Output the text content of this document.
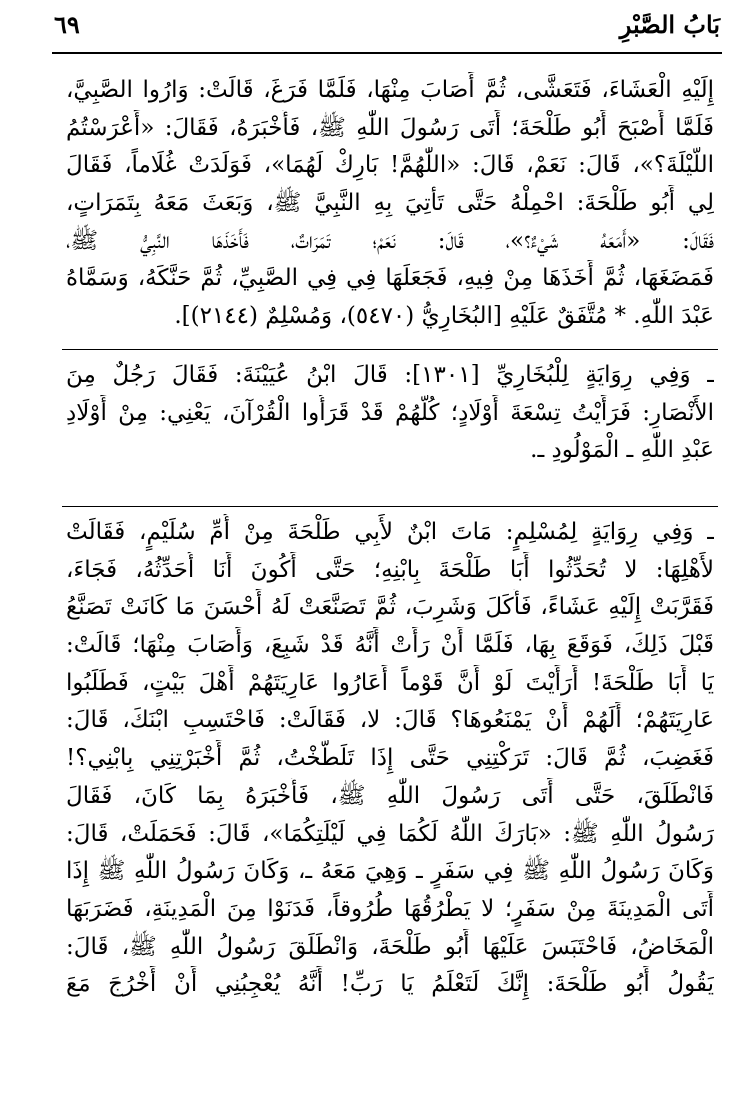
بَابُ الصَّبْرِ
٦٩
إِلَيْهِ الْعَشَاءَ، فَتَعَشَّى، ثُمَّ أَصَابَ مِنْهَا، فَلَمَّا فَرَغَ، قَالَتْ: وَارُوا الصَّبِيَّ،
فَلَمَّا أَصْبَحَ أَبُو طَلْحَةَ؛ أَتَى رَسُولَ اللّٰهِ ﷺ، فَأَخْبَرَهُ، فَقَالَ: «أَعْرَسْتُمُ
اللَّيْلَةَ؟»، قَالَ: نَعَمْ، قَالَ: «اللّٰهُمَّ! بَارِكْ لَهُمَا»، فَوَلَدَتْ غُلَاماً، فَقَالَ
لِي أَبُو طَلْحَةَ: احْمِلْهُ حَتَّى تَأْتِيَ بِهِ النَّبِيَّ ﷺ، وَبَعَثَ مَعَهُ بِتَمَرَاتٍ،
فَقَالَ: «أَمَعَهُ شَيْءٌ؟»، قَالَ: نَعَمْ؛ تَمَرَاتٌ، فَأَخَذَهَا النَّبِيُّ ﷺ،
فَمَضَغَهَا، ثُمَّ أَخَذَهَا مِنْ فِيهِ، فَجَعَلَهَا فِي فِي الصَّبِيِّ، ثُمَّ حَنَّكَهُ، وَسَمَّاهُ
عَبْدَ اللّٰهِ. * مُتَّفَقٌ عَلَيْهِ [البُخَارِيُّ (٥٤٧٠)، وَمُسْلِمٌ (٢١٤٤)].
ـ وَفِي رِوَايَةٍ لِلْبُخَارِيِّ [١٣٠١]: قَالَ ابْنُ عُيَيْنَةَ: فَقَالَ رَجُلٌ مِنَ
الأَنْصَارِ: فَرَأَيْتُ تِسْعَةَ أَوْلَادٍ؛ كُلُّهُمْ قَدْ قَرَأُوا الْقُرْآنَ، يَعْنِي: مِنْ أَوْلَادِ
عَبْدِ اللّٰهِ ـ الْمَوْلُودِ ـ.
ـ وَفِي رِوَايَةٍ لِمُسْلِمٍ: مَاتَ ابْنٌ لأَبِي طَلْحَةَ مِنْ أُمِّ سُلَيْمٍ، فَقَالَتْ
لأَهْلِهَا: لا تُحَدِّثُوا أَبَا طَلْحَةَ بِابْنِهِ؛ حَتَّى أَكُونَ أَنَا أُحَدِّثُهُ، فَجَاءَ،
فَقَرَّبَتْ إِلَيْهِ عَشَاءً، فَأَكَلَ وَشَرِبَ، ثُمَّ تَصَنَّعَتْ لَهُ أَحْسَنَ مَا كَانَتْ تَصَنَّعُ
قَبْلَ ذَلِكَ، فَوَقَعَ بِهَا، فَلَمَّا أَنْ رَأَتْ أَنَّهُ قَدْ شَبِعَ، وَأَصَابَ مِنْهَا؛ قَالَتْ:
يَا أَبَا طَلْحَةَ! أَرَأَيْتَ لَوْ أَنَّ قَوْماً أَعَارُوا عَارِيَتَهُمْ أَهْلَ بَيْتٍ، فَطَلَبُوا
عَارِيَتَهُمْ؛ أَلَهُمْ أَنْ يَمْنَعُوهَا؟ قَالَ: لا، فَقَالَتْ: فَاحْتَسِبِ ابْنَكَ، قَالَ:
فَغَضِبَ، ثُمَّ قَالَ: تَرَكْتِنِي حَتَّى إِذَا تَلَطَّخْتُ، ثُمَّ أَخْبَرْتِنِي بِابْنِي؟!
فَانْطَلَقَ، حَتَّى أَتَى رَسُولَ اللّٰهِ ﷺ، فَأَخْبَرَهُ بِمَا كَانَ، فَقَالَ
رَسُولُ اللّٰهِ ﷺ: «بَارَكَ اللّٰهُ لَكُمَا فِي لَيْلَتِكُمَا»، قَالَ: فَحَمَلَتْ، قَالَ:
وَكَانَ رَسُولُ اللّٰهِ ﷺ فِي سَفَرٍ ـ وَهِيَ مَعَهُ ـ، وَكَانَ رَسُولُ اللّٰهِ ﷺ إِذَا
أَتَى الْمَدِينَةَ مِنْ سَفَرٍ؛ لا يَطْرُقُهَا طُرُوقاً، فَدَنَوْا مِنَ الْمَدِينَةِ، فَضَرَبَهَا
الْمَخَاضُ، فَاحْتَبَسَ عَلَيْهَا أَبُو طَلْحَةَ، وَانْطَلَقَ رَسُولُ اللّٰهِ ﷺ، قَالَ:
يَقُولُ أَبُو طَلْحَةَ: إِنَّكَ لَتَعْلَمُ يَا رَبِّ! أَنَّهُ يُعْجِبُنِي أَنْ أَخْرُجَ مَعَ
